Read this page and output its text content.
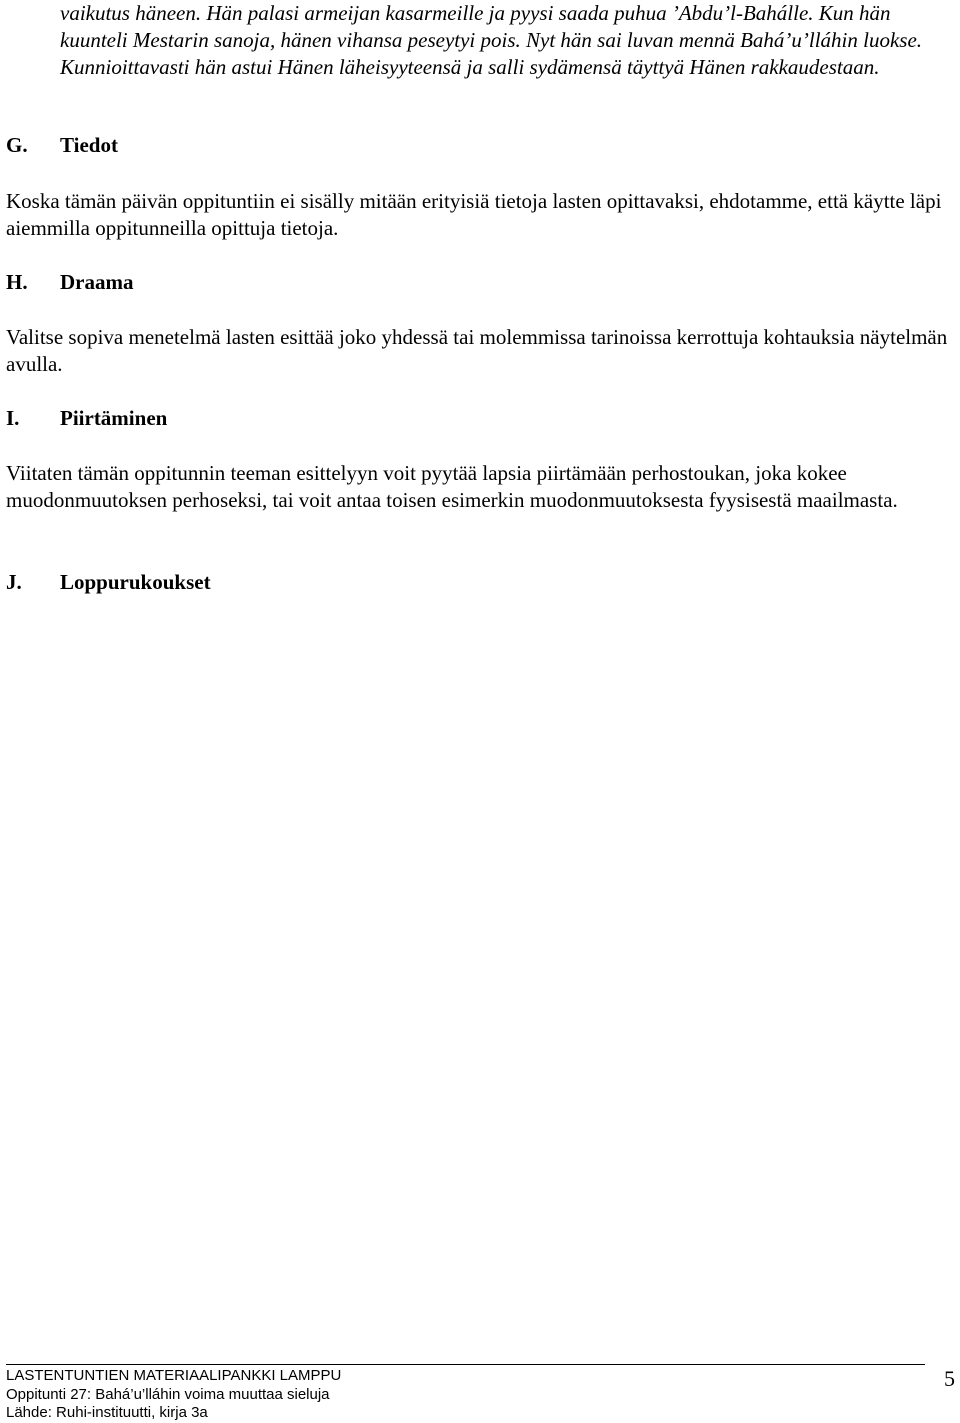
vaikutus häneen. Hän palasi armeijan kasarmeille ja pyysi saada puhua ’Abdu’l-Bahálle. Kun hän kuunteli Mestarin sanoja, hänen vihansa peseytyi pois. Nyt hän sai luvan mennä Bahá’u’lláhin luokse. Kunnioittavasti hän astui Hänen läheisyyteensä ja salli sydämensä täyttyä Hänen rakkaudestaan.
G. Tiedot
Koska tämän päivän oppituntiin ei sisälly mitään erityisiä tietoja lasten opittavaksi, ehdotamme, että käytte läpi aiemmilla oppitunneilla opittuja tietoja.
H. Draama
Valitse sopiva menetelmä lasten esittää joko yhdessä tai molemmissa tarinoissa kerrottuja kohtauksia näytelmän avulla.
I. Piirtäminen
Viitaten tämän oppitunnin teeman esittelyyn voit pyytää lapsia piirtämään perhostoukan, joka kokee muodonmuutoksen perhoseksi, tai voit antaa toisen esimerkin muodonmuutoksesta fyysisestä maailmasta.
J. Loppurukoukset
LASTENTUNTIEN MATERIAALIPANKKI LAMPPU
Oppitunti 27: Bahá’u’lláhin voima muuttaa sieluja
Lähde: Ruhi-instituutti, kirja 3a
5
